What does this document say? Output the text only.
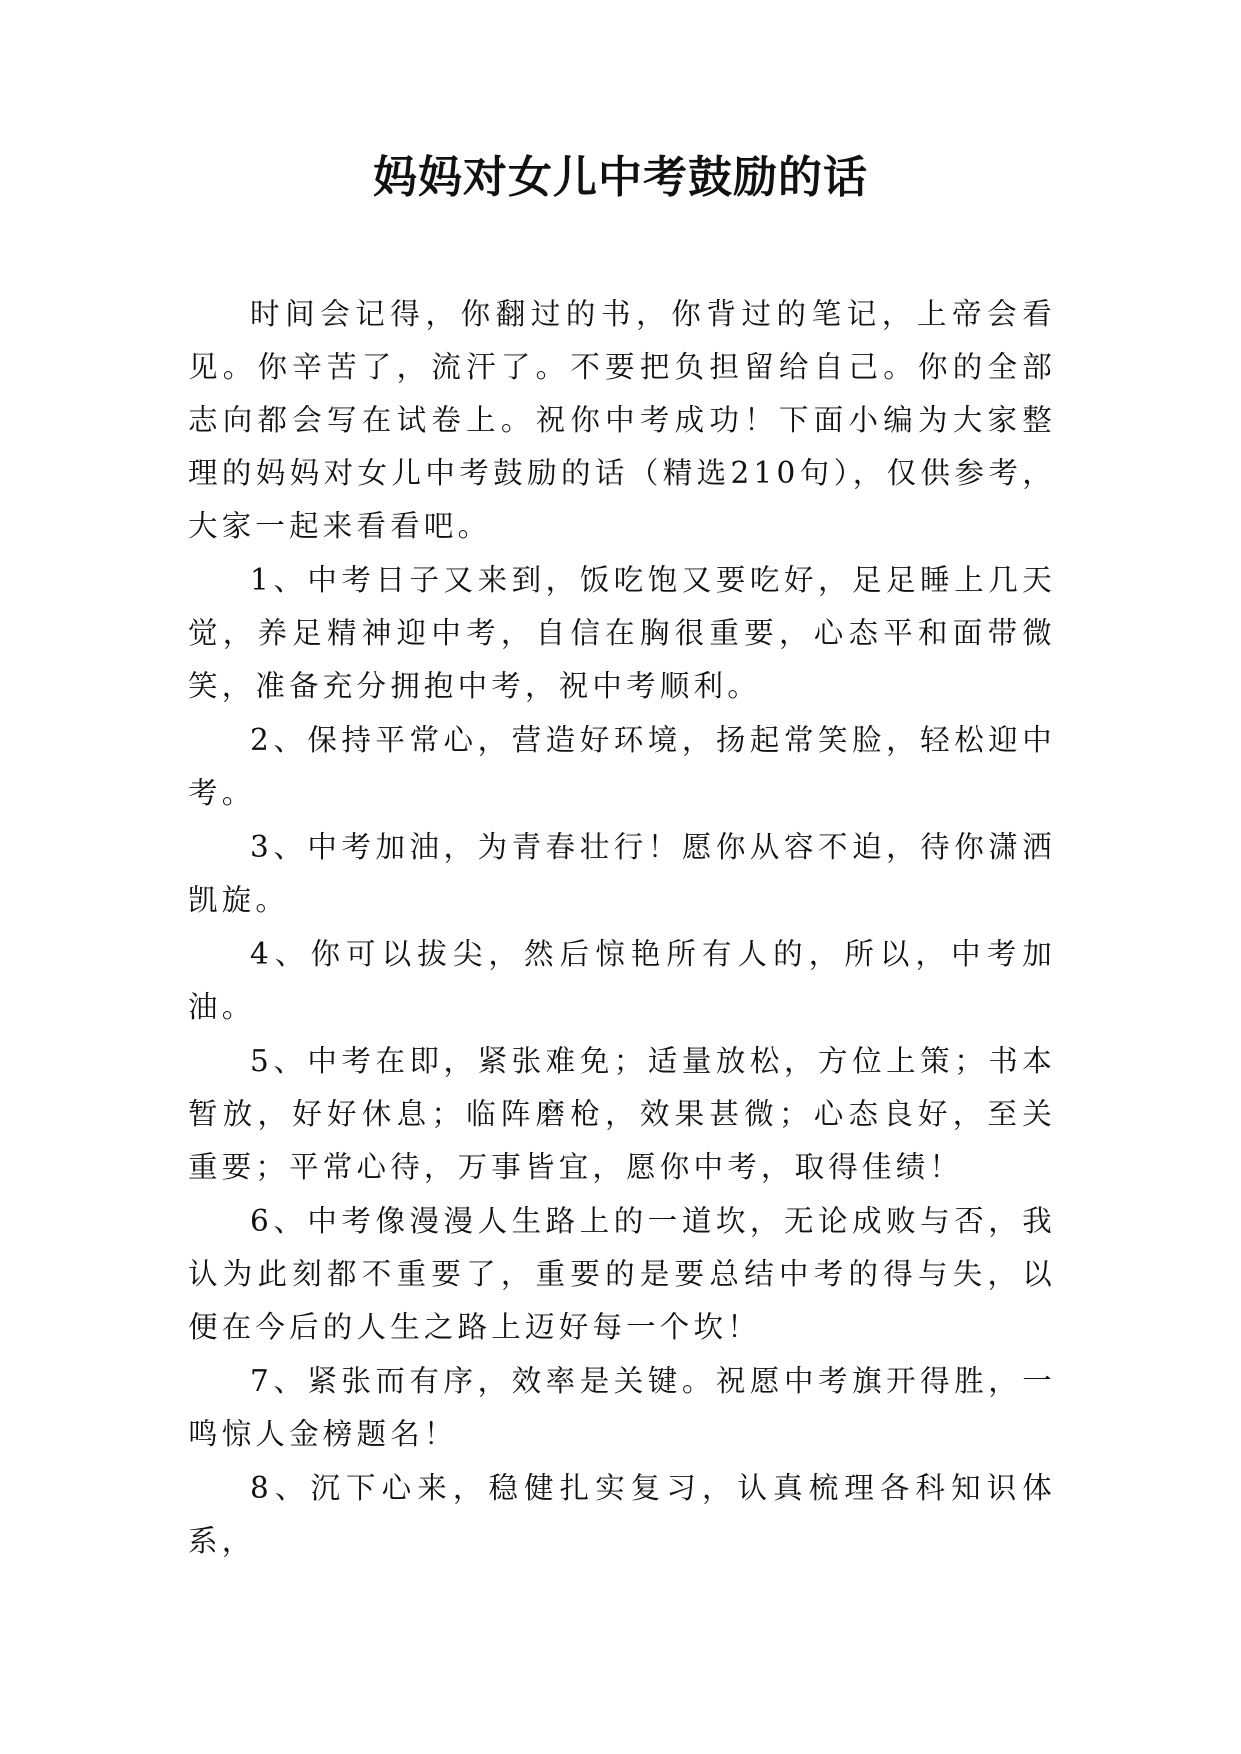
妈妈对女儿中考鼓励的话

时间会记得，你翻过的书，你背过的笔记，上帝会看见。你辛苦了，流汗了。不要把负担留给自己。你的全部志向都会写在试卷上。祝你中考成功！下面小编为大家整理的妈妈对女儿中考鼓励的话（精选210句），仅供参考，大家一起来看看吧。

1、中考日子又来到，饭吃饱又要吃好，足足睡上几天觉，养足精神迎中考，自信在胸很重要，心态平和面带微笑，准备充分拥抱中考，祝中考顺利。

2、保持平常心，营造好环境，扬起常笑脸，轻松迎中考。

3、中考加油，为青春壮行！愿你从容不迫，待你潇洒凯旋。

4、你可以拔尖，然后惊艳所有人的，所以，中考加油。

5、中考在即，紧张难免；适量放松，方位上策；书本暂放，好好休息；临阵磨枪，效果甚微；心态良好，至关重要；平常心待，万事皆宜，愿你中考，取得佳绩！

6、中考像漫漫人生路上的一道坎，无论成败与否，我认为此刻都不重要了，重要的是要总结中考的得与失，以便在今后的人生之路上迈好每一个坎！

7、紧张而有序，效率是关键。祝愿中考旗开得胜，一鸣惊人金榜题名！

8、沉下心来，稳健扎实复习，认真梳理各科知识体系，
